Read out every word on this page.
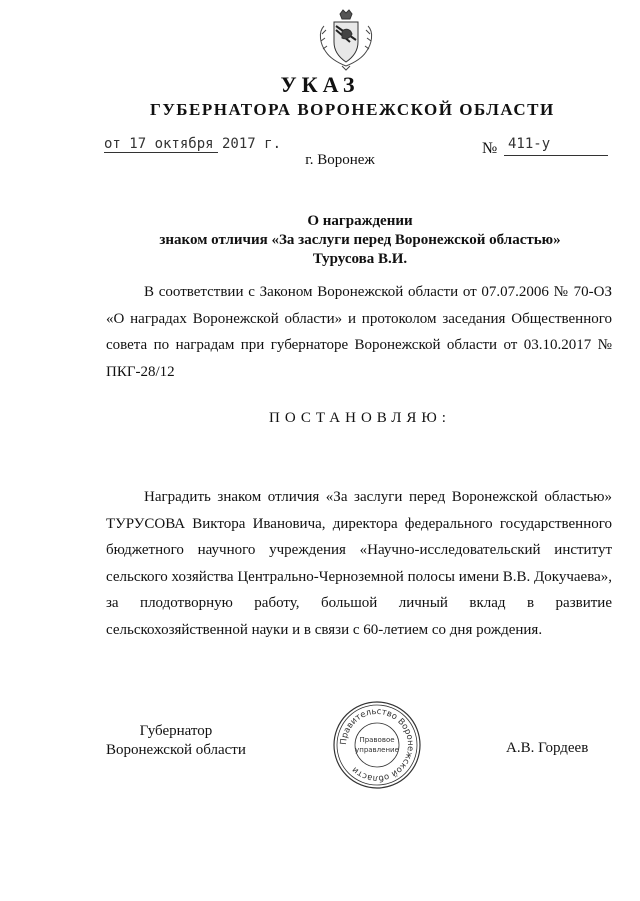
УКАЗ
ГУБЕРНАТОРА ВОРОНЕЖСКОЙ ОБЛАСТИ
от 17 октября 2017 г.	№ 411-у
г. Воронеж
О награждении
знаком отличия «За заслуги перед Воронежской областью»
Турусова В.И.

В соответствии с Законом Воронежской области от 07.07.2006 № 70-ОЗ «О наградах Воронежской области» и протоколом заседания Общественного совета по наградам при губернаторе Воронежской области от 03.10.2017 № ПКГ-28/12

ПОСТАНОВЛЯЮ:

Наградить знаком отличия «За заслуги перед Воронежской областью» ТУРУСОВА Виктора Ивановича, директора федерального государственного бюджетного научного учреждения «Научно-исследовательский институт сельского хозяйства Центрально-Черноземной полосы имени В.В. Докучаева», за плодотворную работу, большой личный вклад в развитие сельскохозяйственной науки и в связи с 60-летием со дня рождения.

Губернатор
Воронежской области
Правительство Воронежской области
Правовое
управление	А.В. Гордеев
